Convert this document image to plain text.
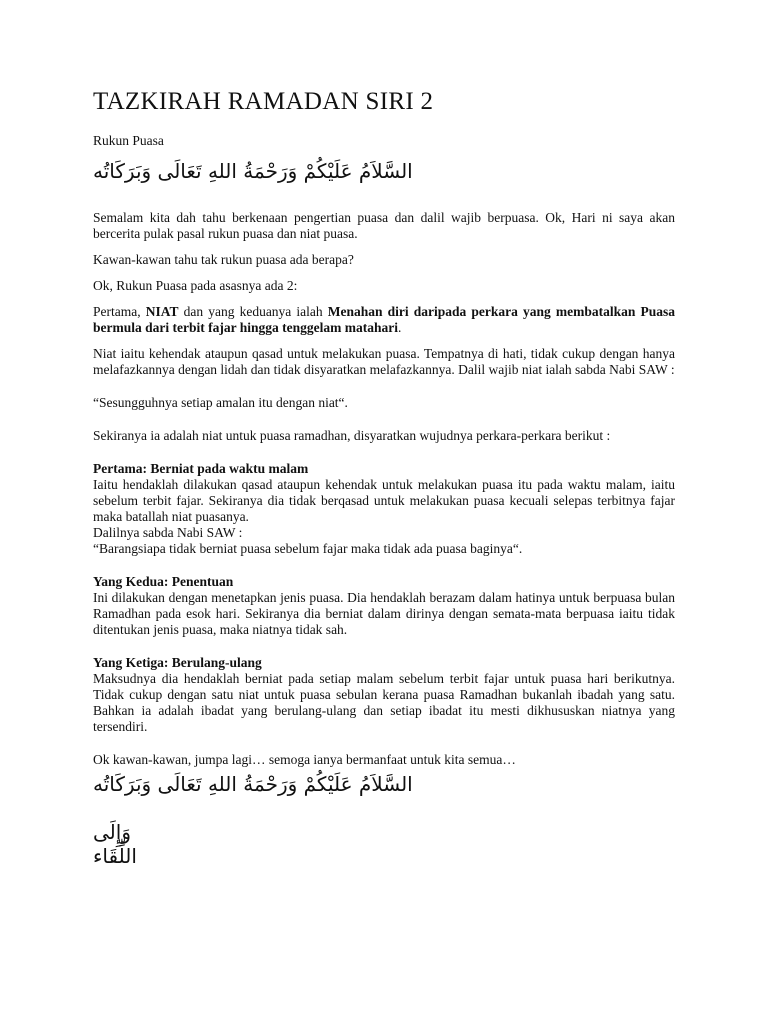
TAZKIRAH RAMADAN SIRI 2
Rukun Puasa
السَّلاَمُ عَلَيْكُمْ وَرَحْمَةُ اللهِ تَعَالَى وَبَرَكَاتُه

Semalam kita dah tahu berkenaan pengertian puasa dan dalil wajib berpuasa. Ok, Hari ni saya akan bercerita pulak pasal rukun puasa dan niat puasa.

Kawan-kawan tahu tak rukun puasa ada berapa?

Ok, Rukun Puasa pada asasnya ada 2:

Pertama, NIAT dan yang keduanya ialah Menahan diri daripada perkara yang membatalkan Puasa bermula dari terbit fajar hingga tenggelam matahari.

Niat iaitu kehendak ataupun qasad untuk melakukan puasa. Tempatnya di hati, tidak cukup dengan hanya melafazkannya dengan lidah dan tidak disyaratkan melafazkannya. Dalil wajib niat ialah sabda Nabi SAW :

“Sesungguhnya setiap amalan itu dengan niat“.

Sekiranya ia adalah niat untuk puasa ramadhan, disyaratkan wujudnya perkara-perkara berikut :

Pertama: Berniat pada waktu malam

Iaitu hendaklah dilakukan qasad ataupun kehendak untuk melakukan puasa itu pada waktu malam, iaitu sebelum terbit fajar. Sekiranya dia tidak berqasad untuk melakukan puasa kecuali selepas terbitnya fajar maka batallah niat puasanya.

Dalilnya sabda Nabi SAW :

“Barangsiapa tidak berniat puasa sebelum fajar maka tidak ada puasa baginya“.

Yang Kedua: Penentuan

Ini dilakukan dengan menetapkan jenis puasa. Dia hendaklah berazam dalam hatinya untuk berpuasa bulan Ramadhan pada esok hari. Sekiranya dia berniat dalam dirinya dengan semata-mata berpuasa iaitu tidak ditentukan jenis puasa, maka niatnya tidak sah.

Yang Ketiga: Berulang-ulang

Maksudnya dia hendaklah berniat pada setiap malam sebelum terbit fajar untuk puasa hari berikutnya. Tidak cukup dengan satu niat untuk puasa sebulan kerana puasa Ramadhan bukanlah ibadah yang satu. Bahkan ia adalah ibadat yang berulang-ulang dan setiap ibadat itu mesti dikhususkan niatnya yang tersendiri.

Ok kawan-kawan, jumpa lagi… semoga ianya bermanfaat untuk kita semua…

السَّلاَمُ عَلَيْكُمْ وَرَحْمَةُ اللهِ تَعَالَى وَبَرَكَاتُه
وَإِلَى اللِّقَاء
